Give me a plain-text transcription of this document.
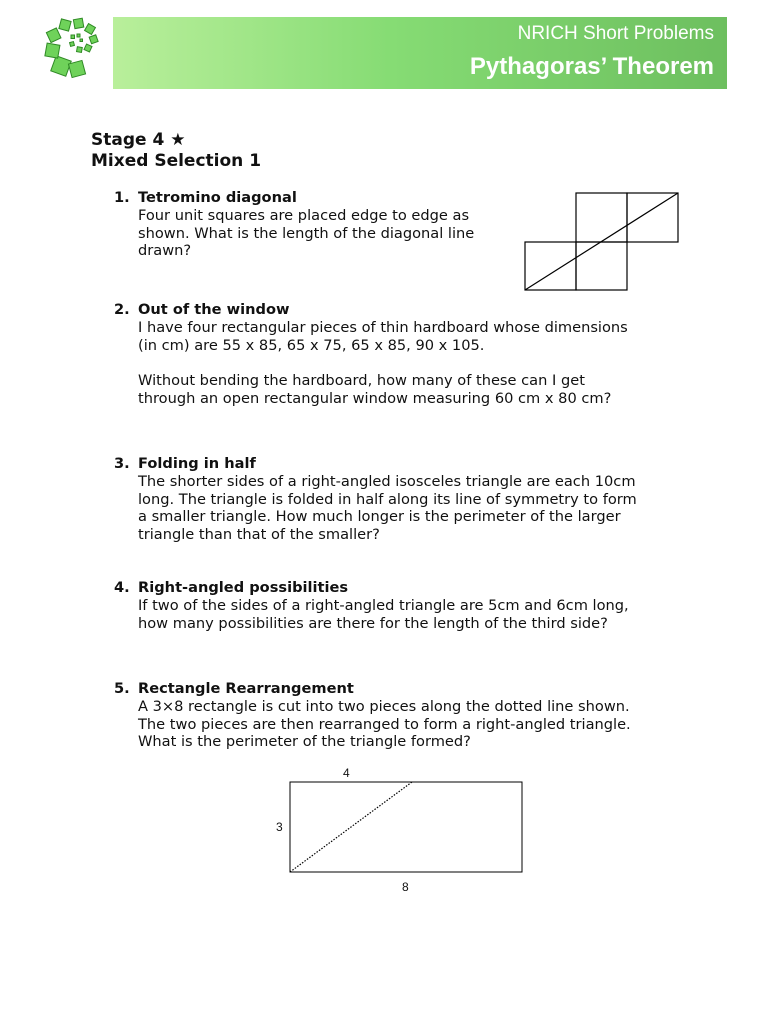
NRICH Short Problems
Pythagoras’ Theorem
Stage 4 ★
Mixed Selection 1
1. Tetromino diagonal
Four unit squares are placed edge to edge as
shown. What is the length of the diagonal line
drawn?
2. Out of the window
I have four rectangular pieces of thin hardboard whose dimensions
(in cm) are 55 x 85, 65 x 75, 65 x 85, 90 x 105.

Without bending the hardboard, how many of these can I get
through an open rectangular window measuring 60 cm x 80 cm?
3. Folding in half
The shorter sides of a right-angled isosceles triangle are each 10cm
long. The triangle is folded in half along its line of symmetry to form
a smaller triangle. How much longer is the perimeter of the larger
triangle than that of the smaller?
4. Right-angled possibilities
If two of the sides of a right-angled triangle are 5cm and 6cm long,
how many possibilities are there for the length of the third side?
5. Rectangle Rearrangement
A 3×8 rectangle is cut into two pieces along the dotted line shown.
The two pieces are then rearranged to form a right-angled triangle.
What is the perimeter of the triangle formed?
4
3
8
